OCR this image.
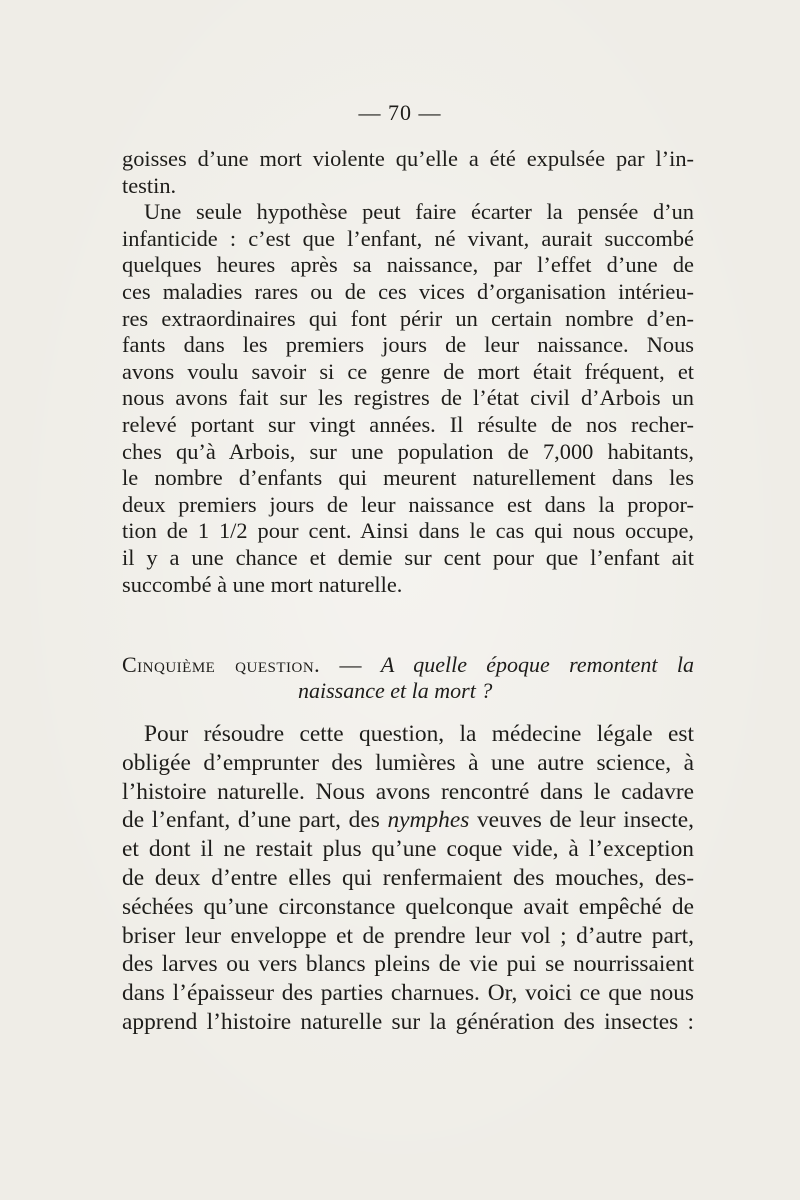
— 70 —
goisses d’une mort violente qu’elle a été expulsée par l’in-
testin.
Une seule hypothèse peut faire écarter la pensée d’un
infanticide : c’est que l’enfant, né vivant, aurait succombé
quelques heures après sa naissance, par l’effet d’une de
ces maladies rares ou de ces vices d’organisation intérieu-
res extraordinaires qui font périr un certain nombre d’en-
fants dans les premiers jours de leur naissance. Nous
avons voulu savoir si ce genre de mort était fréquent, et
nous avons fait sur les registres de l’état civil d’Arbois un
relevé portant sur vingt années. Il résulte de nos recher-
ches qu’à Arbois, sur une population de 7,000 habitants,
le nombre d’enfants qui meurent naturellement dans les
deux premiers jours de leur naissance est dans la propor-
tion de 1 1/2 pour cent. Ainsi dans le cas qui nous occupe,
il y a une chance et demie sur cent pour que l’enfant ait
succombé à une mort naturelle.
Cinquième question. — A quelle époque remontent la
naissance et la mort ?
Pour résoudre cette question, la médecine légale est
obligée d’emprunter des lumières à une autre science, à
l’histoire naturelle. Nous avons rencontré dans le cadavre
de l’enfant, d’une part, des nymphes veuves de leur insecte,
et dont il ne restait plus qu’une coque vide, à l’exception
de deux d’entre elles qui renfermaient des mouches, des-
séchées qu’une circonstance quelconque avait empêché de
briser leur enveloppe et de prendre leur vol ; d’autre part,
des larves ou vers blancs pleins de vie pui se nourrissaient
dans l’épaisseur des parties charnues. Or, voici ce que nous
apprend l’histoire naturelle sur la génération des insectes :
